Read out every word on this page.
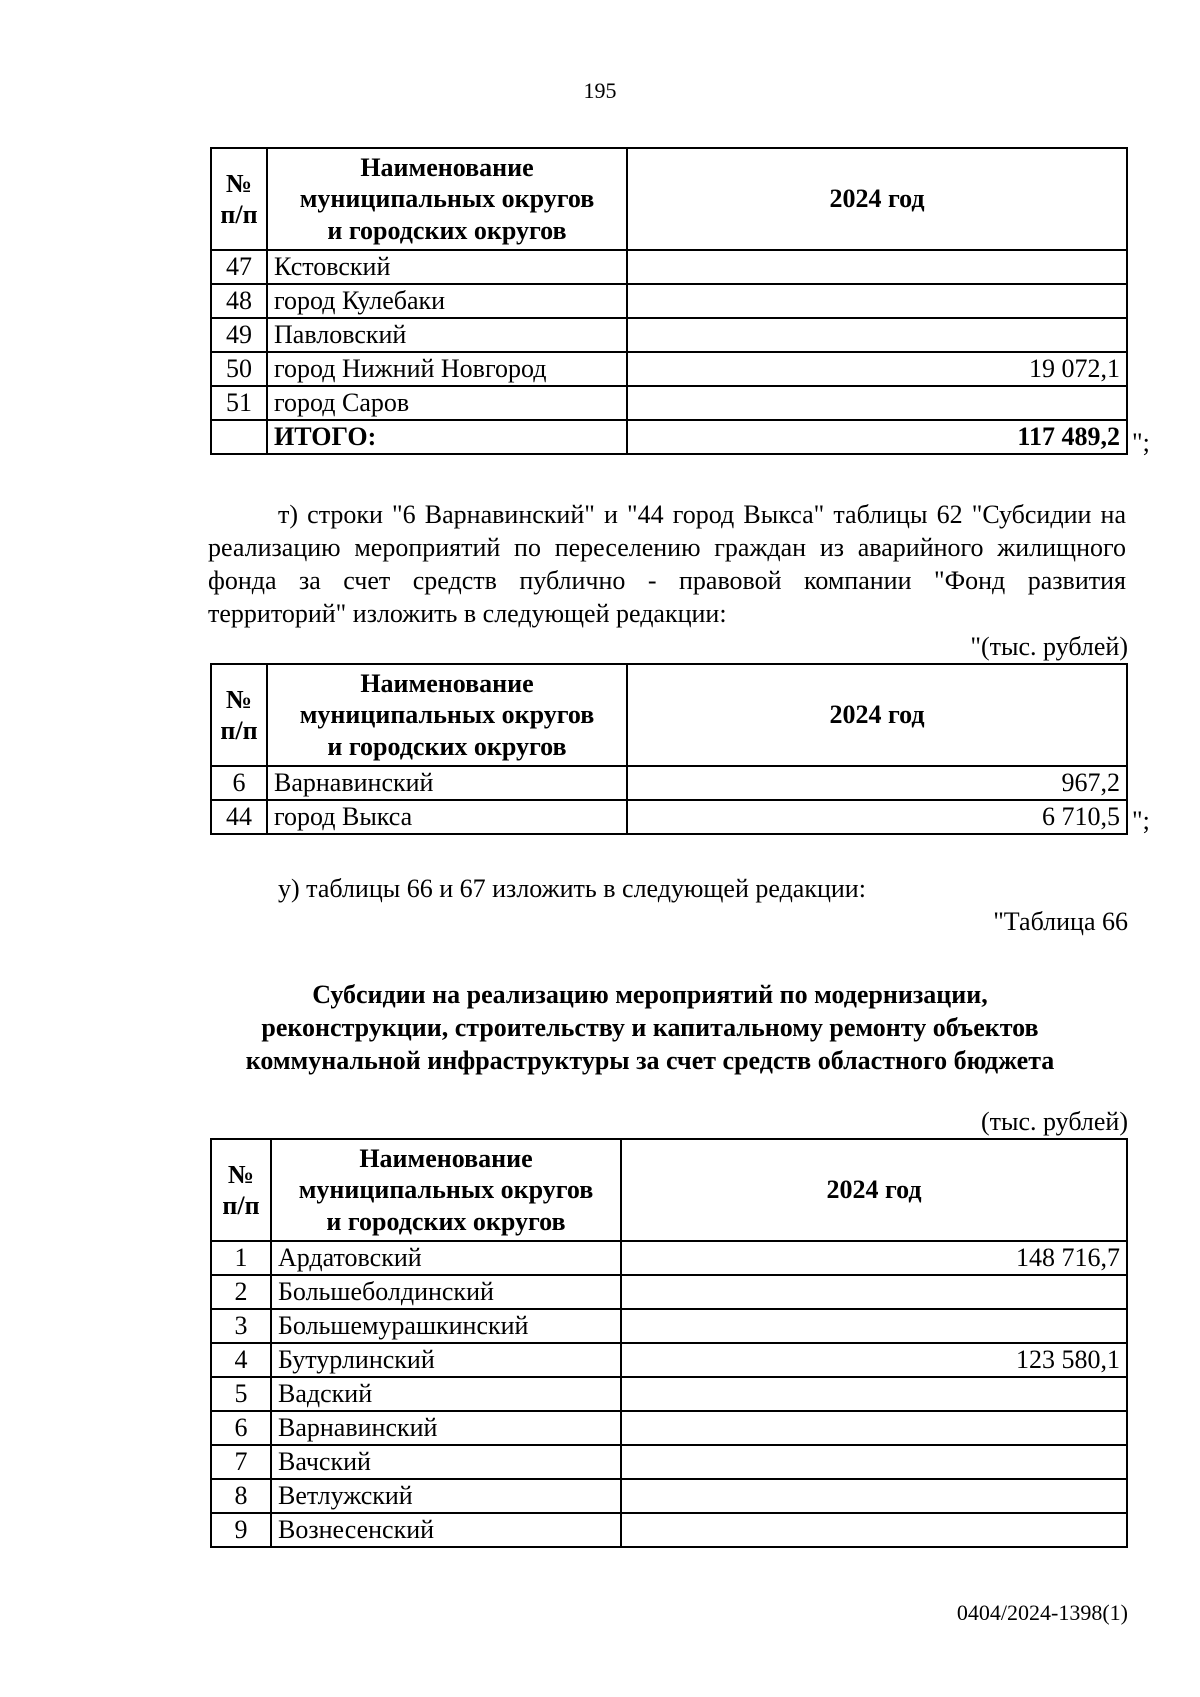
195
№ п/п	Наименование
муниципальных округов
и городских округов	2024 год
47	Кстовский	
48	город Кулебаки	
49	Павловский	
50	город Нижний Новгород	19 072,1
51	город Саров	
	ИТОГО:	117 489,2 ";
т) строки "6 Варнавинский" и "44 город Выкса" таблицы 62 "Субсидии на реализацию мероприятий по переселению граждан из аварийного жилищного фонда за счет средств публично - правовой компании "Фонд развития территорий" изложить в следующей редакции:
"(тыс. рублей)
№ п/п	Наименование
муниципальных округов
и городских округов	2024 год
6	Варнавинский	967,2
44	город Выкса	6 710,5 ";
у) таблицы 66 и 67 изложить в следующей редакции:
"Таблица 66
Субсидии на реализацию мероприятий по модернизации,
реконструкции, строительству и капитальному ремонту объектов
коммунальной инфраструктуры за счет средств областного бюджета
(тыс. рублей)
№ п/п	Наименование
муниципальных округов
и городских округов	2024 год
1	Ардатовский	148 716,7
2	Большеболдинский	
3	Большемурашкинский	
4	Бутурлинский	123 580,1
5	Вадский	
6	Варнавинский	
7	Вачский	
8	Ветлужский	
9	Вознесенский	
0404/2024-1398(1)
